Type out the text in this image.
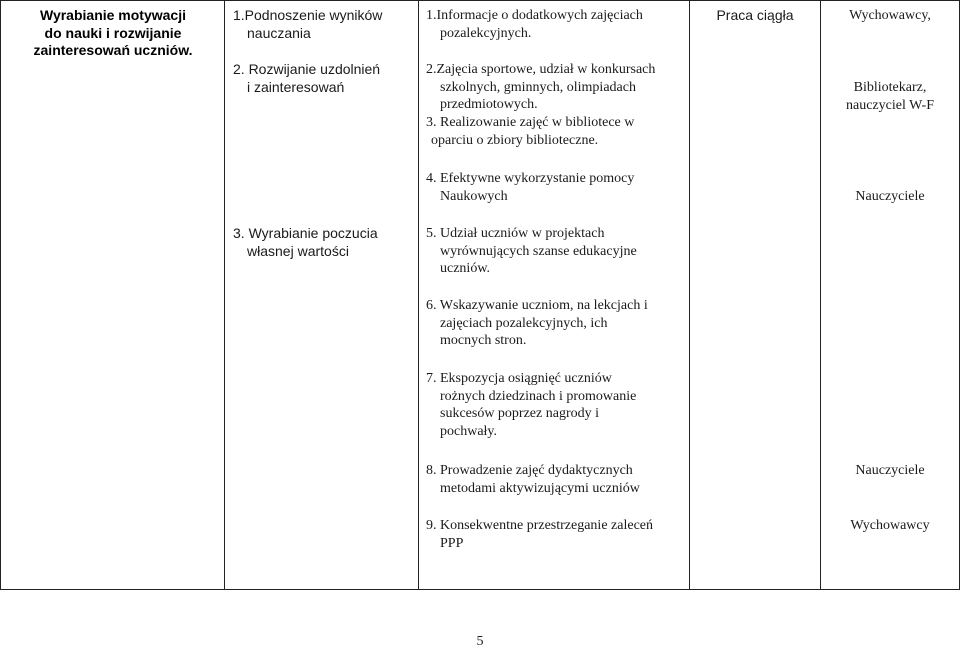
Wyrabianie motywacji
do nauki i rozwijanie
zainteresowań uczniów.
1.Podnoszenie wyników
nauczania
2. Rozwijanie uzdolnień
i zainteresowań
3. Wyrabianie poczucia
własnej wartości
1.Informacje o dodatkowych zajęciach
pozalekcyjnych.
2.Zajęcia sportowe, udział w konkursach
szkolnych, gminnych, olimpiadach
przedmiotowych.
3. Realizowanie zajęć w bibliotece w
oparciu o zbiory biblioteczne.
4. Efektywne wykorzystanie pomocy
Naukowych
5. Udział uczniów w projektach
wyrównujących szanse edukacyjne
uczniów.
6. Wskazywanie uczniom, na lekcjach i
zajęciach pozalekcyjnych, ich
mocnych stron.
7. Ekspozycja osiągnięć uczniów
rożnych dziedzinach i promowanie
sukcesów poprzez nagrody i
pochwały.
8. Prowadzenie zajęć dydaktycznych
metodami aktywizującymi uczniów
9. Konsekwentne przestrzeganie zaleceń
PPP
Praca ciągła	Wychowawcy,
Bibliotekarz,
nauczyciel W-F
Nauczyciele
Nauczyciele
Wychowawcy
5
